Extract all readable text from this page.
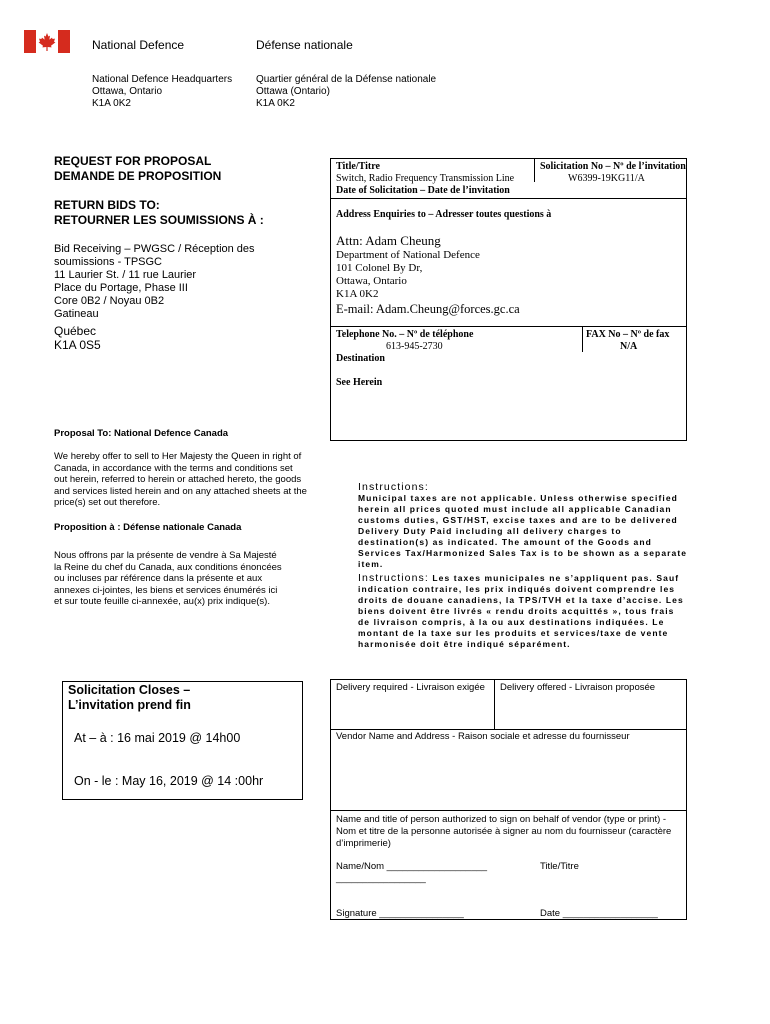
National Defence	Défense nationale
National Defence Headquarters
Ottawa, Ontario
K1A 0K2
Quartier général de la Défense nationale
Ottawa (Ontario)
K1A 0K2
REQUEST FOR PROPOSAL
DEMANDE DE PROPOSITION
RETURN BIDS TO:
RETOURNER LES SOUMISSIONS À :
Bid Receiving – PWGSC / Réception des soumissions - TPSGC
11 Laurier St. / 11 rue Laurier
Place du Portage, Phase III
Core 0B2 / Noyau 0B2
Gatineau
Québec
K1A 0S5
Proposal To: National Defence Canada
We hereby offer to sell to Her Majesty the Queen in right of Canada, in accordance with the terms and conditions set out herein, referred to herein or attached hereto, the goods and services listed herein and on any attached sheets at the price(s) set out therefore.
Proposition à : Défense nationale Canada
Nous offrons par la présente de vendre à Sa Majesté la Reine du chef du Canada, aux conditions énoncées ou incluses par référence dans la présente et aux annexes ci-jointes, les biens et services énumérés ici et sur toute feuille ci-annexée, au(x) prix indique(s).
Title/Titre
Switch, Radio Frequency Transmission Line
Solicitation No – Nº de l’invitation
W6399-19KG11/A
Date of Solicitation – Date de l’invitation
Address Enquiries to – Adresser toutes questions à
Attn: Adam Cheung
Department of National Defence
101 Colonel By Dr,
Ottawa, Ontario
K1A 0K2
E-mail: Adam.Cheung@forces.gc.ca
Telephone No. – Nº de téléphone
613-945-2730
FAX No – Nº de fax
N/A
Destination
See Herein
Instructions:
Municipal taxes are not applicable. Unless otherwise specified herein all prices quoted must include all applicable Canadian customs duties, GST/HST, excise taxes and are to be delivered Delivery Duty Paid including all delivery charges to destination(s) as indicated. The amount of the Goods and Services Tax/Harmonized Sales Tax is to be shown as a separate item.
Instructions: Les taxes municipales ne s’appliquent pas. Sauf indication contraire, les prix indiqués doivent comprendre les droits de douane canadiens, la TPS/TVH et la taxe d’accise. Les biens doivent être livrés « rendu droits acquittés », tous frais de livraison compris, à la ou aux destinations indiquées. Le montant de la taxe sur les produits et services/taxe de vente harmonisée doit être indiqué séparément.
Solicitation Closes –
L’invitation prend fin
At – à : 16 mai 2019 @ 14h00
On - le : May 16, 2019 @ 14 :00hr
Delivery required - Livraison exigée Delivery offered - Livraison proposée
Vendor Name and Address - Raison sociale et adresse du fournisseur
Name and title of person authorized to sign on behalf of vendor (type or print) - Nom et titre de la personne autorisée à signer au nom du fournisseur (caractère d’imprimerie)
Name/Nom ___________________
_________________
Title/Titre
Signature ________________	Date __________________
